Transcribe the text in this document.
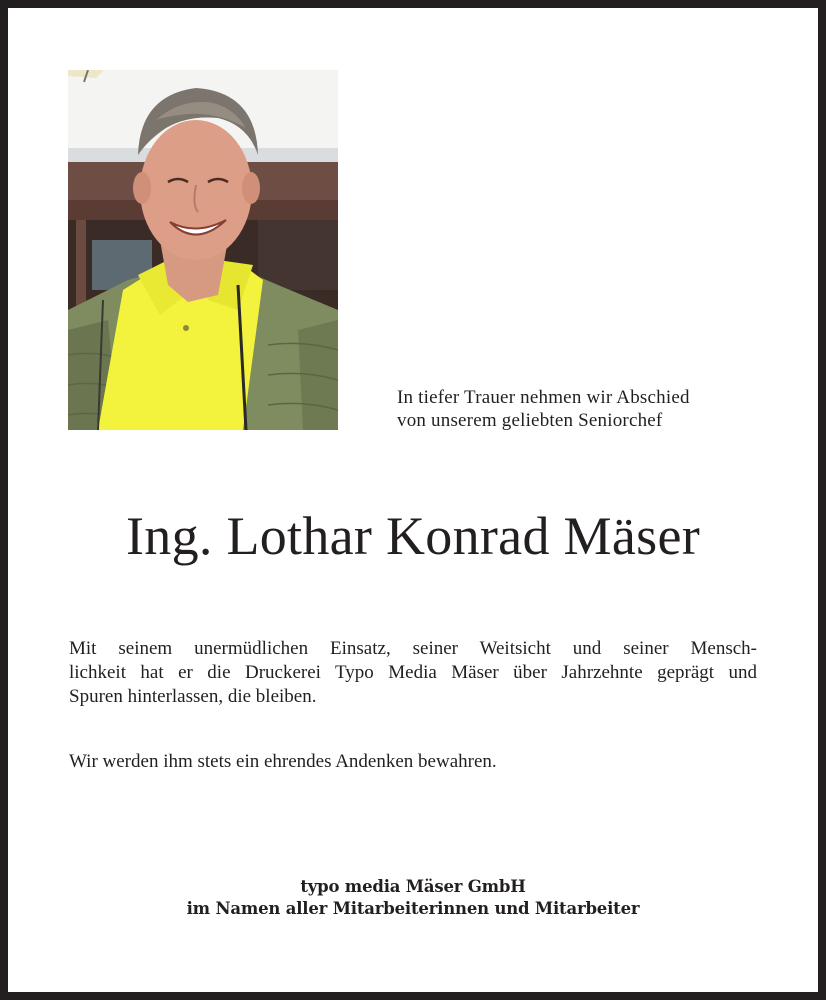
In tiefer Trauer nehmen wir Abschied
von unserem geliebten Seniorchef
Ing. Lothar Konrad Mäser
Mit seinem unermüdlichen Einsatz, seiner Weitsicht und seiner Mensch-
lichkeit hat er die Druckerei Typo Media Mäser über Jahrzehnte geprägt und
Spuren hinterlassen, die bleiben.
Wir werden ihm stets ein ehrendes Andenken bewahren.
typo media Mäser GmbH
im Namen aller Mitarbeiterinnen und Mitarbeiter
